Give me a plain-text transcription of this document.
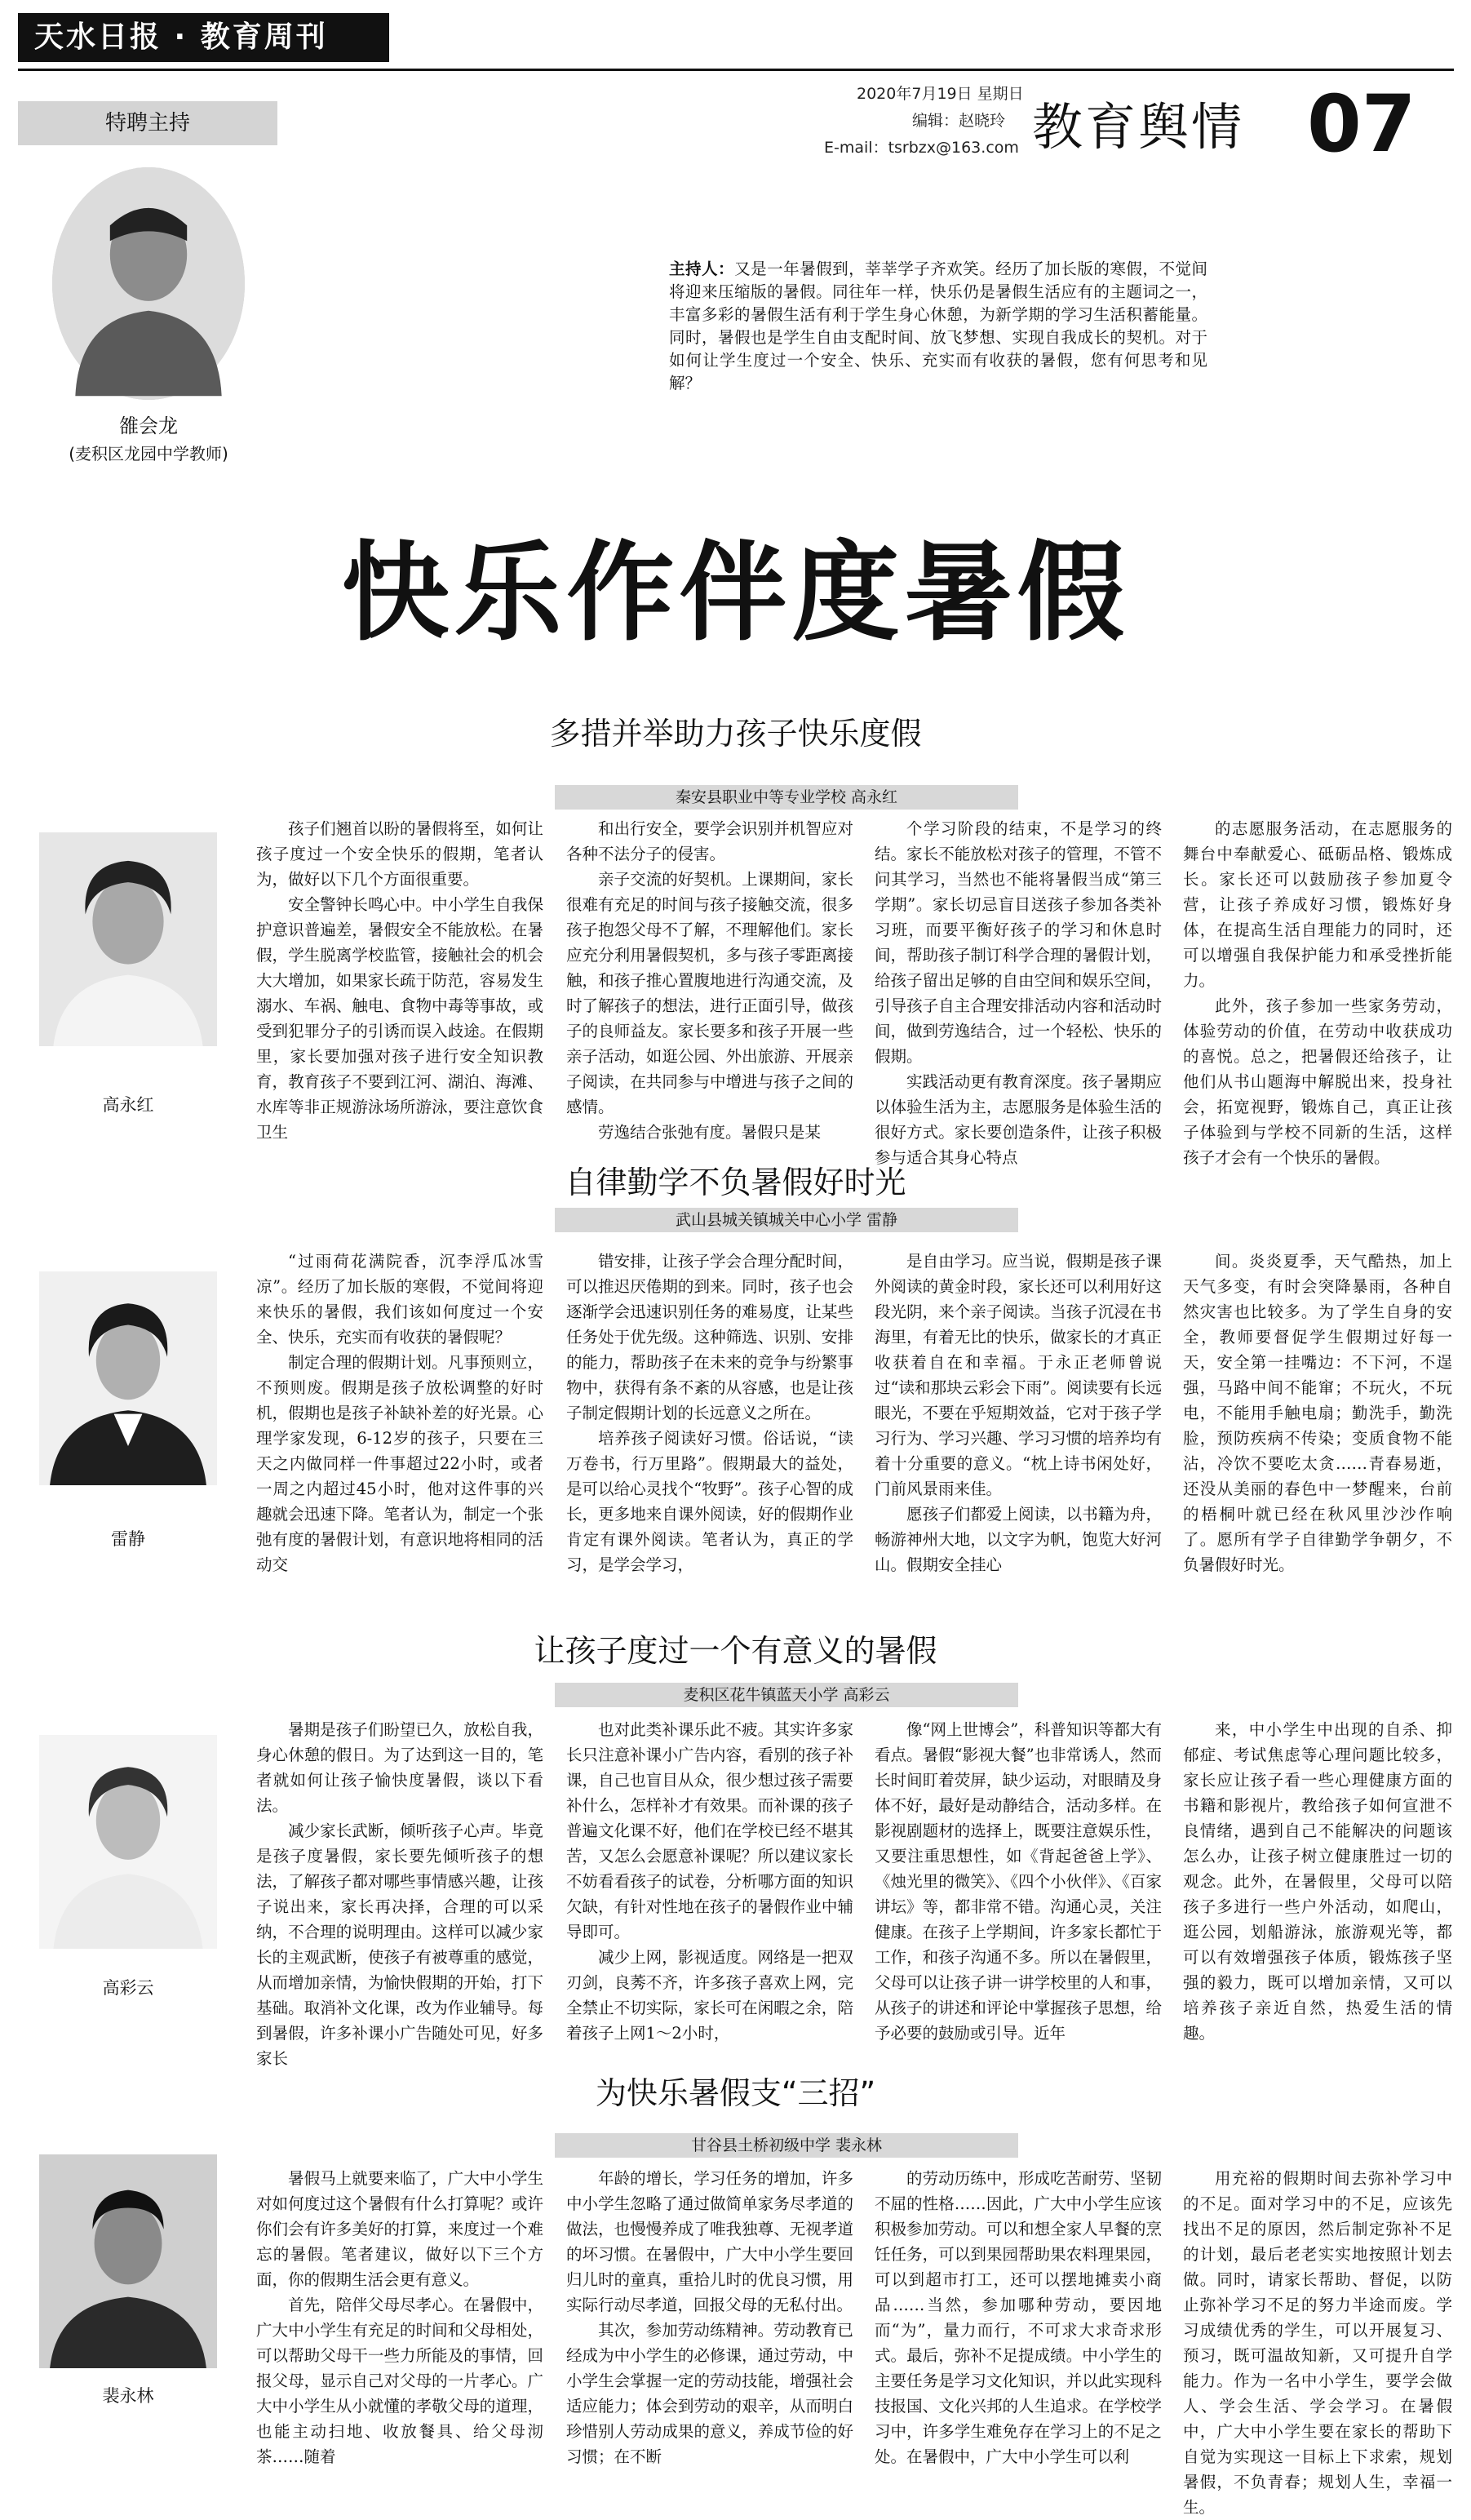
天水日报 · 教育周刊
特聘主持
2020年7月19日 星期日
编辑：赵晓玲
E-mail：tsrbzx@163.com 教育舆情 07
雒会龙
(麦积区龙园中学教师)
主持人：又是一年暑假到，莘莘学子齐欢笑。经历了加长版的寒假，不觉间将迎来压缩版的暑假。同往年一样，快乐仍是暑假生活应有的主题词之一，丰富多彩的暑假生活有利于学生身心休憩，为新学期的学习生活积蓄能量。同时，暑假也是学生自由支配时间、放飞梦想、实现自我成长的契机。对于如何让学生度过一个安全、快乐、充实而有收获的暑假，您有何思考和见解？
快乐作伴度暑假
多措并举助力孩子快乐度假
秦安县职业中等专业学校 高永红
高永红

孩子们翘首以盼的暑假将至，如何让孩子度过一个安全快乐的假期，笔者认为，做好以下几个方面很重要。

安全警钟长鸣心中。中小学生自我保护意识普遍差，暑假安全不能放松。在暑假，学生脱离学校监管，接触社会的机会大大增加，如果家长疏于防范，容易发生溺水、车祸、触电、食物中毒等事故，或受到犯罪分子的引诱而误入歧途。在假期里，家长要加强对孩子进行安全知识教育，教育孩子不要到江河、湖泊、海滩、水库等非正规游泳场所游泳，要注意饮食卫生

和出行安全，要学会识别并机智应对各种不法分子的侵害。

亲子交流的好契机。上课期间，家长很难有充足的时间与孩子接触交流，很多孩子抱怨父母不了解，不理解他们。家长应充分利用暑假契机，多与孩子零距离接触，和孩子推心置腹地进行沟通交流，及时了解孩子的想法，进行正面引导，做孩子的良师益友。家长要多和孩子开展一些亲子活动，如逛公园、外出旅游、开展亲子阅读，在共同参与中增进与孩子之间的感情。

劳逸结合张弛有度。暑假只是某

个学习阶段的结束，不是学习的终结。家长不能放松对孩子的管理，不管不问其学习，当然也不能将暑假当成“第三学期”。家长切忌盲目送孩子参加各类补习班，而要平衡好孩子的学习和休息时间，帮助孩子制订科学合理的暑假计划，给孩子留出足够的自由空间和娱乐空间，引导孩子自主合理安排活动内容和活动时间，做到劳逸结合，过一个轻松、快乐的假期。

实践活动更有教育深度。孩子暑期应以体验生活为主，志愿服务是体验生活的很好方式。家长要创造条件，让孩子积极参与适合其身心特点

的志愿服务活动，在志愿服务的舞台中奉献爱心、砥砺品格、锻炼成长。家长还可以鼓励孩子参加夏令营，让孩子养成好习惯，锻炼好身体，在提高生活自理能力的同时，还可以增强自我保护能力和承受挫折能力。

此外，孩子参加一些家务劳动，体验劳动的价值，在劳动中收获成功的喜悦。总之，把暑假还给孩子，让他们从书山题海中解脱出来，投身社会，拓宽视野，锻炼自己，真正让孩子体验到与学校不同新的生活，这样孩子才会有一个快乐的暑假。

自律勤学不负暑假好时光
武山县城关镇城关中心小学 雷静
雷静

“过雨荷花满院香，沉李浮瓜冰雪凉”。经历了加长版的寒假，不觉间将迎来快乐的暑假，我们该如何度过一个安全、快乐，充实而有收获的暑假呢？

制定合理的假期计划。凡事预则立，不预则废。假期是孩子放松调整的好时机，假期也是孩子补缺补差的好光景。心理学家发现，6-12岁的孩子，只要在三天之内做同样一件事超过22小时，或者一周之内超过45小时，他对这件事的兴趣就会迅速下降。笔者认为，制定一个张弛有度的暑假计划，有意识地将相同的活动交

错安排，让孩子学会合理分配时间，可以推迟厌倦期的到来。同时，孩子也会逐渐学会迅速识别任务的难易度，让某些任务处于优先级。这种筛选、识别、安排的能力，帮助孩子在未来的竞争与纷繁事物中，获得有条不紊的从容感，也是让孩子制定假期计划的长远意义之所在。

培养孩子阅读好习惯。俗话说，“读万卷书，行万里路”。假期最大的益处，是可以给心灵找个“牧野”。孩子心智的成长，更多地来自课外阅读，好的假期作业肯定有课外阅读。笔者认为，真正的学习，是学会学习，

是自由学习。应当说，假期是孩子课外阅读的黄金时段，家长还可以利用好这段光阴，来个亲子阅读。当孩子沉浸在书海里，有着无比的快乐，做家长的才真正收获着自在和幸福。于永正老师曾说过“读和那块云彩会下雨”。阅读要有长远眼光，不要在乎短期效益，它对于孩子学习行为、学习兴趣、学习习惯的培养均有着十分重要的意义。“枕上诗书闲处好，门前风景雨来佳。

愿孩子们都爱上阅读，以书籍为舟，畅游神州大地，以文字为帆，饱览大好河山。假期安全挂心

间。炎炎夏季，天气酷热，加上天气多变，有时会突降暴雨，各种自然灾害也比较多。为了学生自身的安全，教师要督促学生假期过好每一天，安全第一挂嘴边：不下河，不逞强，马路中间不能窜；不玩火，不玩电，不能用手触电扇；勤洗手，勤洗脸，预防疾病不传染；变质食物不能沾，冷饮不要吃太贪……青春易逝，还没从美丽的春色中一梦醒来，台前的梧桐叶就已经在秋风里沙沙作响了。愿所有学子自律勤学争朝夕，不负暑假好时光。

让孩子度过一个有意义的暑假
麦积区花牛镇蓝天小学 高彩云
高彩云

暑期是孩子们盼望已久，放松自我，身心休憩的假日。为了达到这一目的，笔者就如何让孩子愉快度暑假，谈以下看法。

减少家长武断，倾听孩子心声。毕竟是孩子度暑假，家长要先倾听孩子的想法，了解孩子都对哪些事情感兴趣，让孩子说出来，家长再决择，合理的可以采纳，不合理的说明理由。这样可以减少家长的主观武断，使孩子有被尊重的感觉，从而增加亲情，为愉快假期的开始，打下基础。取消补文化课，改为作业辅导。每到暑假，许多补课小广告随处可见，好多家长

也对此类补课乐此不疲。其实许多家长只注意补课小广告内容，看别的孩子补课，自己也盲目从众，很少想过孩子需要补什么，怎样补才有效果。而补课的孩子普遍文化课不好，他们在学校已经不堪其苦，又怎么会愿意补课呢？所以建议家长不妨看看孩子的试卷，分析哪方面的知识欠缺，有针对性地在孩子的暑假作业中辅导即可。

减少上网，影视适度。网络是一把双刃剑，良莠不齐，许多孩子喜欢上网，完全禁止不切实际，家长可在闲暇之余，陪着孩子上网1～2小时，

像“网上世博会”，科普知识等都大有看点。暑假“影视大餐”也非常诱人，然而长时间盯着荧屏，缺少运动，对眼睛及身体不好，最好是动静结合，活动多样。在影视剧题材的选择上，既要注意娱乐性，又要注重思想性，如《背起爸爸上学》、《烛光里的微笑》、《四个小伙伴》、《百家讲坛》等，都非常不错。沟通心灵，关注健康。在孩子上学期间，许多家长都忙于工作，和孩子沟通不多。所以在暑假里，父母可以让孩子讲一讲学校里的人和事，从孩子的讲述和评论中掌握孩子思想，给予必要的鼓励或引导。近年

来，中小学生中出现的自杀、抑郁症、考试焦虑等心理问题比较多，家长应让孩子看一些心理健康方面的书籍和影视片，教给孩子如何宣泄不良情绪，遇到自己不能解决的问题该怎么办，让孩子树立健康胜过一切的观念。此外，在暑假里，父母可以陪孩子多进行一些户外活动，如爬山，逛公园，划船游泳，旅游观光等，都可以有效增强孩子体质，锻炼孩子坚强的毅力，既可以增加亲情，又可以培养孩子亲近自然，热爱生活的情趣。

为快乐暑假支“三招”
甘谷县土桥初级中学 裴永林
裴永林

暑假马上就要来临了，广大中小学生对如何度过这个暑假有什么打算呢？或许你们会有许多美好的打算，来度过一个难忘的暑假。笔者建议，做好以下三个方面，你的假期生活会更有意义。

首先，陪伴父母尽孝心。在暑假中，广大中小学生有充足的时间和父母相处，可以帮助父母干一些力所能及的事情，回报父母，显示自己对父母的一片孝心。广大中小学生从小就懂的孝敬父母的道理，也能主动扫地、收放餐具、给父母沏茶……随着

年龄的增长，学习任务的增加，许多中小学生忽略了通过做简单家务尽孝道的做法，也慢慢养成了唯我独尊、无视孝道的坏习惯。在暑假中，广大中小学生要回归儿时的童真，重拾儿时的优良习惯，用实际行动尽孝道，回报父母的无私付出。

其次，参加劳动练精神。劳动教育已经成为中小学生的必修课，通过劳动，中小学生会掌握一定的劳动技能，增强社会适应能力；体会到劳动的艰辛，从而明白珍惜别人劳动成果的意义，养成节俭的好习惯；在不断

的劳动历练中，形成吃苦耐劳、坚韧不屈的性格……因此，广大中小学生应该积极参加劳动。可以和想全家人早餐的烹饪任务，可以到果园帮助果农料理果园，可以到超市打工，还可以摆地摊卖小商品……当然，参加哪种劳动，要因地而“为”，量力而行，不可求大求奇求形式。最后，弥补不足提成绩。中小学生的主要任务是学习文化知识，并以此实现科技报国、文化兴邦的人生追求。在学校学习中，许多学生难免存在学习上的不足之处。在暑假中，广大中小学生可以利

用充裕的假期时间去弥补学习中的不足。面对学习中的不足，应该先找出不足的原因，然后制定弥补不足的计划，最后老老实实地按照计划去做。同时，请家长帮助、督促，以防止弥补学习不足的努力半途而废。学习成绩优秀的学生，可以开展复习、预习，既可温故知新，又可提升自学能力。作为一名中小学生，要学会做人、学会生活、学会学习。在暑假中，广大中小学生要在家长的帮助下自觉为实现这一目标上下求索，规划暑假，不负青春；规划人生，幸福一生。
